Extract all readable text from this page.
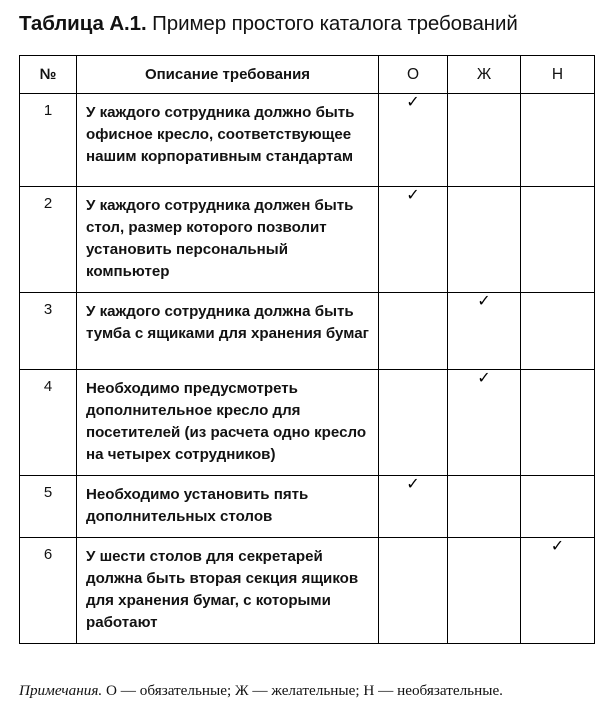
Таблица А.1. Пример простого каталога требований
№	Описание требования	О	Ж	Н
1	У каждого сотрудника должно быть офисное кресло, соответствующее нашим корпоративным стандартам	✓		
2	У каждого сотрудника должен быть стол, размер которого позволит установить персональный компьютер	✓		
3	У каждого сотрудника должна быть тумба с ящиками для хранения бумаг		✓	
4	Необходимо предусмотреть дополнительное кресло для посетителей (из расчета одно кресло на четырех сотрудников)		✓	
5	Необходимо установить пять дополнительных столов	✓		
6	У шести столов для секретарей должна быть вторая секция ящиков для хранения бумаг, с которыми работают			✓
Примечания. О — обязательные; Ж — желательные; Н — необязательные.
